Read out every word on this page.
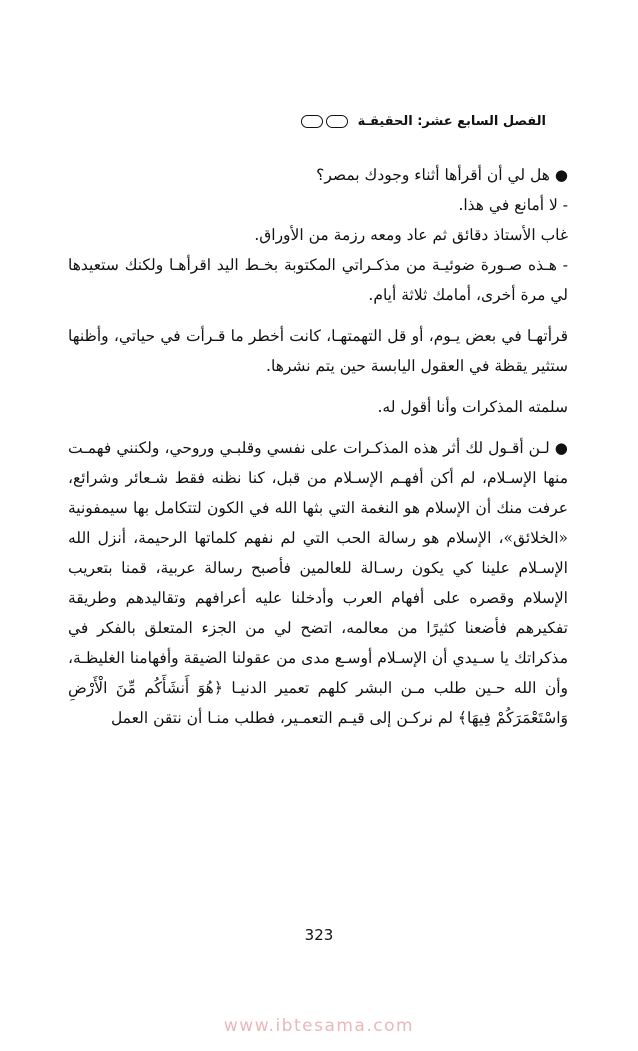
الفصل السابع عشر: الحقيقـة

● هل لي أن أقرأها أثناء وجودك بمصر؟

- لا أمانع في هذا.

غاب الأستاذ دقائق ثم عاد ومعه رزمة من الأوراق.

- هـذه صـورة ضوئيـة من مذكـراتي المكتوبة بخـط اليد اقرأهـا ولكنك ستعيدها لي مرة أخرى، أمامك ثلاثة أيام.

قرأتهـا في بعض يـوم، أو قل التهمتهـا، كانت أخطر ما قـرأت في حياتي، وأظنها ستثير يقظة في العقول اليابسة حين يتم نشرها.

سلمته المذكرات وأنا أقول له.

● لـن أقـول لك أثر هذه المذكـرات على نفسي وقلبـي وروحي، ولكنني فهمـت منها الإسـلام، لم أكن أفهـم الإسـلام من قبل، كنا نظنه فقط شـعائر وشرائع، عرفت منك أن الإسلام هو النغمة التي بثها الله في الكون لتتكامل بها سيمفونية «الخلائق»، الإسلام هو رسالة الحب التي لم نفهم كلماتها الرحيمة، أنزل الله الإسـلام علينا كي يكون رسـالة للعالمين فأصبح رسالة عربية، قمنا بتعريب الإسلام وقصره على أفهام العرب وأدخلنا عليه أعرافهم وتقاليدهم وطريقة تفكيرهم فأضعنا كثيرًا من معالمه، اتضح لي من الجزء المتعلق بالفكر في مذكراتك يا سـيدي أن الإسـلام أوسـع مدى من عقولنا الضيقة وأفهامنا الغليظـة، وأن الله حـين طلب مـن البشر كلهم تعمير الدنيـا ﴿هُوَ أَنشَأَكُم مِّنَ الْأَرْضِ وَاسْتَعْمَرَكُمْ فِيهَا﴾ لم نركـن إلى قيـم التعمـير، فطلب منـا أن نتقن العمل

323
www.ibtesama.com
